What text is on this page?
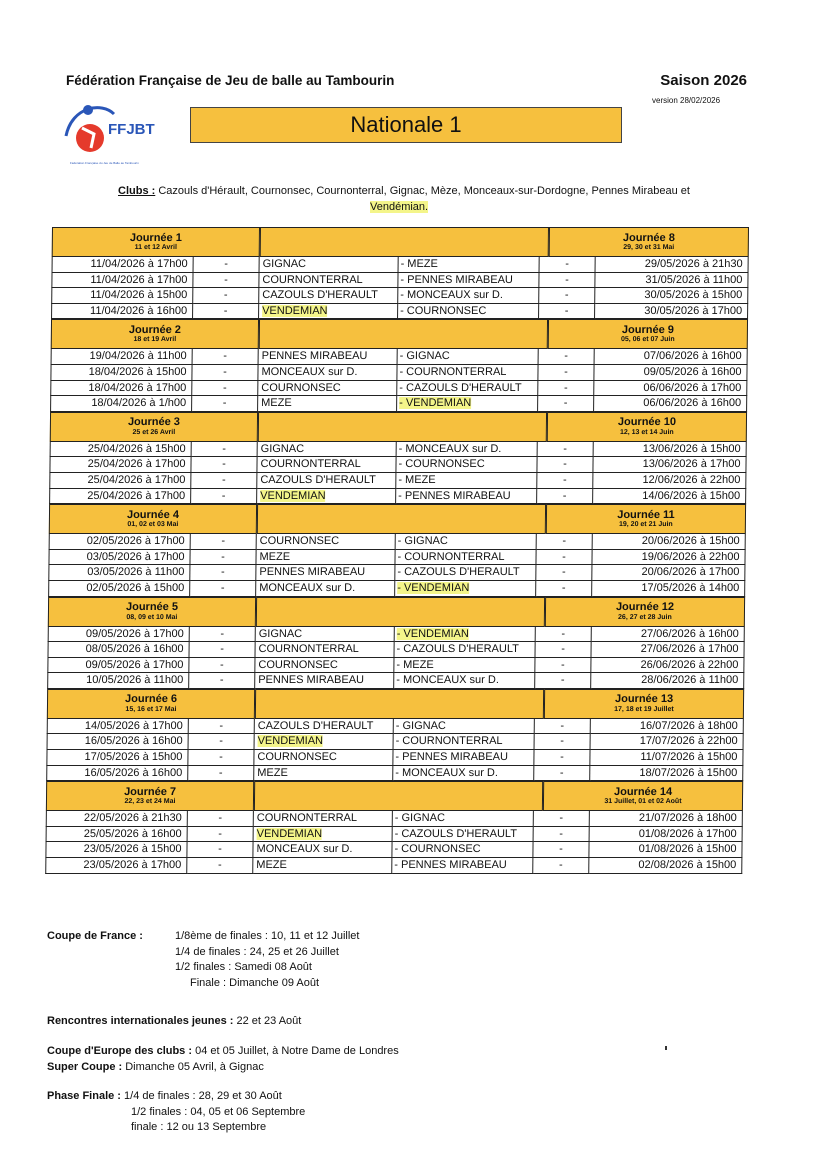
Fédération Française de Jeu de balle au Tambourin	Saison 2026
version 28/02/2026
FFJBT
Fédération Française du Jeu de Balle au Tambourin
Nationale 1
Clubs : Cazouls d'Hérault, Cournonsec, Cournonterral, Gignac, Mèze, Monceaux-sur-Dordogne, Pennes Mirabeau et
Vendémian.
Journée 1
11 et 12 Avril
Journée 8
29, 30 et 31 Mai
11/04/2026 à 17h00	-	GIGNAC	- MEZE	-	29/05/2026 à 21h30
11/04/2026 à 17h00	-	COURNONTERRAL	- PENNES MIRABEAU	-	31/05/2026 à 11h00
11/04/2026 à 15h00	-	CAZOULS D'HERAULT	- MONCEAUX sur D.	-	30/05/2026 à 15h00
11/04/2026 à 16h00	-	VENDEMIAN	- COURNONSEC	-	30/05/2026 à 17h00
Journée 2
18 et 19 Avril
Journée 9
05, 06 et 07 Juin
19/04/2026 à 11h00	-	PENNES MIRABEAU	- GIGNAC	-	07/06/2026 à 16h00
18/04/2026 à 15h00	-	MONCEAUX sur D.	- COURNONTERRAL	-	09/05/2026 à 16h00
18/04/2026 à 17h00	-	COURNONSEC	- CAZOULS D'HERAULT	-	06/06/2026 à 17h00
18/04/2026 à 1/h00	-	MEZE	- VENDEMIAN	-	06/06/2026 à 16h00
Journée 3
25 et 26 Avril
Journée 10
12, 13 et 14 Juin
25/04/2026 à 15h00	-	GIGNAC	- MONCEAUX sur D.	-	13/06/2026 à 15h00
25/04/2026 à 17h00	-	COURNONTERRAL	- COURNONSEC	-	13/06/2026 à 17h00
25/04/2026 à 17h00	-	CAZOULS D'HERAULT	- MEZE	-	12/06/2026 à 22h00
25/04/2026 à 17h00	-	VENDEMIAN	- PENNES MIRABEAU	-	14/06/2026 à 15h00
Journée 4
01, 02 et 03 Mai
Journée 11
19, 20 et 21 Juin
02/05/2026 à 17h00	-	COURNONSEC	- GIGNAC	-	20/06/2026 à 15h00
03/05/2026 à 17h00	-	MEZE	- COURNONTERRAL	-	19/06/2026 à 22h00
03/05/2026 à 11h00	-	PENNES MIRABEAU	- CAZOULS D'HERAULT	-	20/06/2026 à 17h00
02/05/2026 à 15h00	-	MONCEAUX sur D.	- VENDEMIAN	-	17/05/2026 à 14h00
Journée 5
08, 09 et 10 Mai
Journée 12
26, 27 et 28 Juin
09/05/2026 à 17h00	-	GIGNAC	- VENDEMIAN	-	27/06/2026 à 16h00
08/05/2026 à 16h00	-	COURNONTERRAL	- CAZOULS D'HERAULT	-	27/06/2026 à 17h00
09/05/2026 à 17h00	-	COURNONSEC	- MEZE	-	26/06/2026 à 22h00
10/05/2026 à 11h00	-	PENNES MIRABEAU	- MONCEAUX sur D.	-	28/06/2026 à 11h00
Journée 6
15, 16 et 17 Mai
Journée 13
17, 18 et 19 Juillet
14/05/2026 à 17h00	-	CAZOULS D'HERAULT	- GIGNAC	-	16/07/2026 à 18h00
16/05/2026 à 16h00	-	VENDEMIAN	- COURNONTERRAL	-	17/07/2026 à 22h00
17/05/2026 à 15h00	-	COURNONSEC	- PENNES MIRABEAU	-	11/07/2026 à 15h00
16/05/2026 à 16h00	-	MEZE	- MONCEAUX sur D.	-	18/07/2026 à 15h00
Journée 7
22, 23 et 24 Mai
Journée 14
31 Juillet, 01 et 02 Août
22/05/2026 à 21h30	-	COURNONTERRAL	- GIGNAC	-	21/07/2026 à 18h00
25/05/2026 à 16h00	-	VENDEMIAN	- CAZOULS D'HERAULT	-	01/08/2026 à 17h00
23/05/2026 à 15h00	-	MONCEAUX sur D.	- COURNONSEC	-	01/08/2026 à 15h00
23/05/2026 à 17h00	-	MEZE	- PENNES MIRABEAU	-	02/08/2026 à 15h00
Coupe de France :	1/8ème de finales : 10, 11 et 12 Juillet
1/4 de finales : 24, 25 et 26 Juillet
1/2 finales : Samedi 08 Août
Finale : Dimanche 09 Août
Rencontres internationales jeunes : 22 et 23 Août
Coupe d'Europe des clubs : 04 et 05 Juillet, à Notre Dame de Londres
Super Coupe : Dimanche 05 Avril, à Gignac
Phase Finale : 1/4 de finales : 28, 29 et 30 Août
1/2 finales : 04, 05 et 06 Septembre
finale : 12 ou 13 Septembre
